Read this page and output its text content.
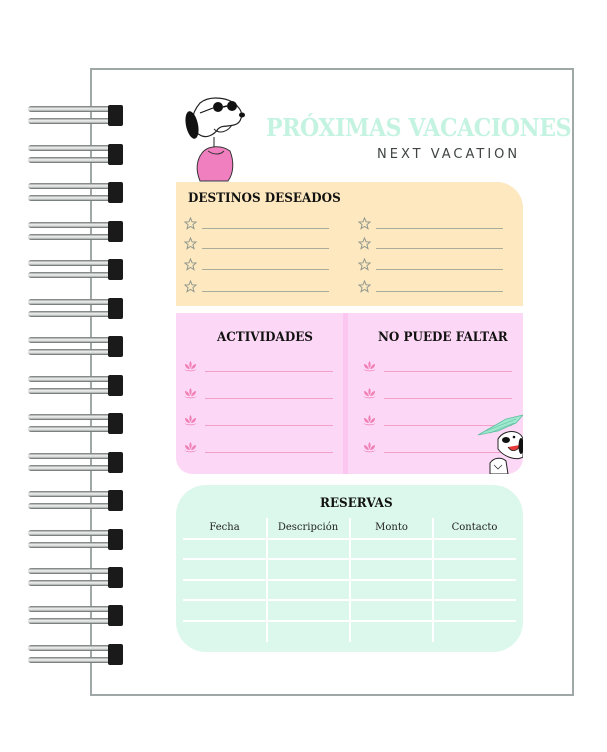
PRÓXIMAS VACACIONES
NEXT VACATION
DESTINOS DESEADOS
ACTIVIDADES	NO PUEDE FALTAR
RESERVAS
Fecha	Descripción	Monto	Contacto
